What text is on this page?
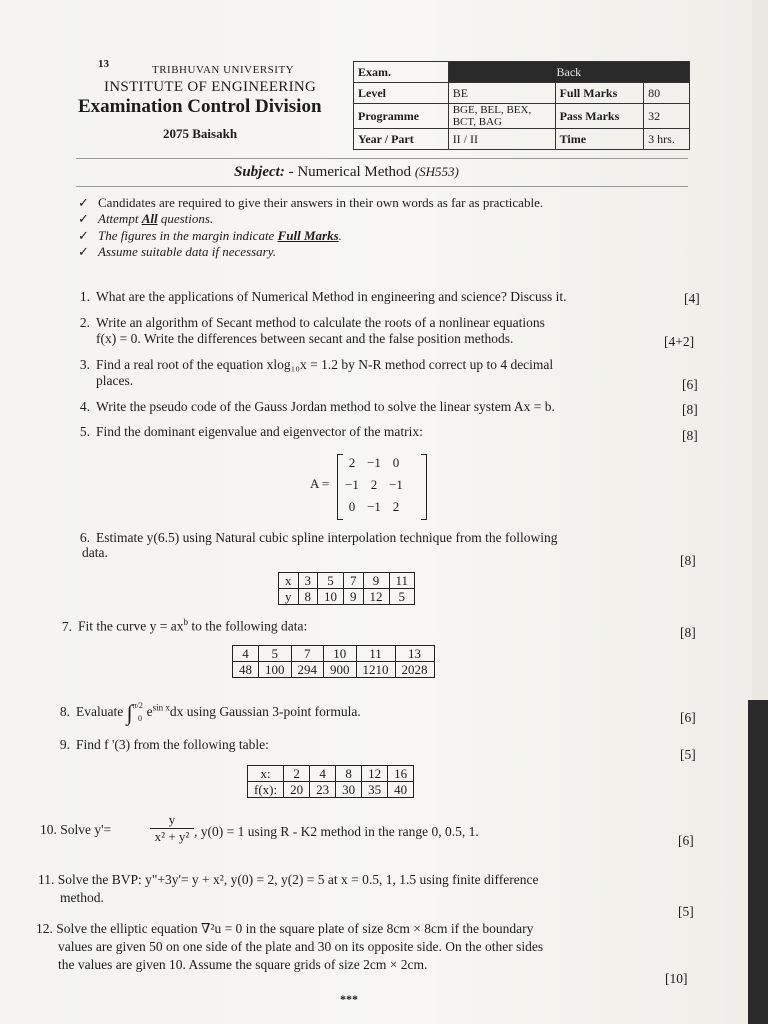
13	TRIBHUVAN UNIVERSITY
INSTITUTE OF ENGINEERING
Examination Control Division
2075 Baisakh
Exam.	Back		
Level	BE	Full Marks	80
Programme	BGE, BEL, BEX, BCT, BAG	Pass Marks	32
Year / Part	II / II	Time	3 hrs.
Subject: - Numerical Method (SH553)
✓ Candidates are required to give their answers in their own words as far as practicable.
✓ Attempt All questions.
✓ The figures in the margin indicate Full Marks.
✓ Assume suitable data if necessary.
1. What are the applications of Numerical Method in engineering and science? Discuss it.	[4]
2. Write an algorithm of Secant method to calculate the roots of a nonlinear equations
f(x) = 0. Write the differences between secant and the false position methods.	[4+2]
3. Find a real root of the equation xlog₁₀x = 1.2 by N-R method correct up to 4 decimal
places.	[6]
4. Write the pseudo code of the Gauss Jordan method to solve the linear system Ax = b.	[8]
5. Find the dominant eigenvalue and eigenvector of the matrix:	[8]
A =
2	−1	0
−1	2	−1
0	−1	2
6. Estimate y(6.5) using Natural cubic spline interpolation technique from the following
data.
[8]
x	3	5	7	9	11
y	8	10	9	12	5
7. Fit the curve $y = ax^b$ to the following data:	[8]
4	5	7	10	11	13
48	100	294	900	1210	2028
8. Evaluate ∫π/2 $e^{sin x}dx$ using Gaussian 3-point formula.
0	[6]
9. Find f '(3) from the following table:
[5]
x:	2	4	8	12	16
f(x):	20	23	30	35	40
10. Solve y'=
y
x² + y² , y(0) = 1 using R - K2 method in the range 0, 0.5, 1.
[6]
11. Solve the BVP: y"+3y'= y + x², y(0) = 2, y(2) = 5 at x = 0.5, 1, 1.5 using finite difference
method.
[5]
12. Solve the elliptic equation ∇²u = 0 in the square plate of size 8cm × 8cm if the boundary
values are given 50 on one side of the plate and 30 on its opposite side. On the other sides
the values are given 10. Assume the square grids of size 2cm × 2cm.
[10]
***
